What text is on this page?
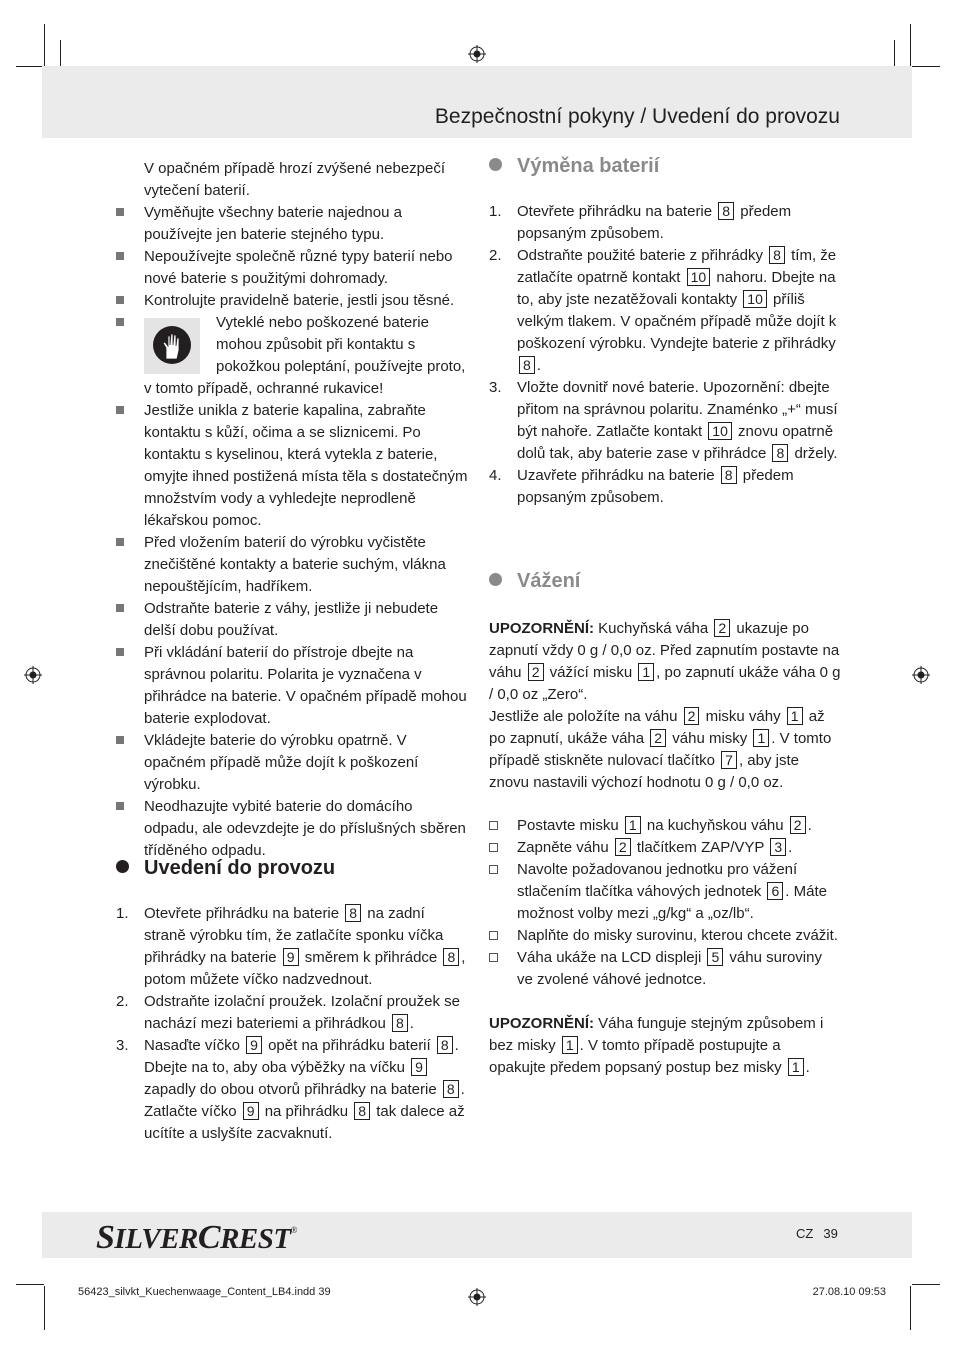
Bezpečnostní pokyny / Uvedení do provozu

V opačném případě hrozí zvýšené nebezpečí vytečení baterií.

Vyměňujte všechny baterie najednou a používejte jen baterie stejného typu.

Nepoužívejte společně různé typy baterií nebo nové baterie s použitými dohromady.

Kontrolujte pravidelně baterie, jestli jsou těsné.

Vyteklé nebo poškozené baterie mohou způsobit při kontaktu s pokožkou poleptání, používejte proto,

v tomto případě, ochranné rukavice!

Jestliže unikla z baterie kapalina, zabraňte kontaktu s kůží, očima a se sliznicemi. Po kontaktu s kyselinou, která vytekla z baterie, omyjte ihned postižená místa těla s dostatečným množstvím vody a vyhledejte neprodleně lékařskou pomoc.

Před vložením baterií do výrobku vyčistěte znečištěné kontakty a baterie suchým, vlákna nepouštějícím, hadříkem.

Odstraňte baterie z váhy, jestliže ji nebudete delší dobu používat.

Při vkládání baterií do přístroje dbejte na správnou polaritu. Polarita je vyznačena v přihrádce na baterie. V opačném případě mohou baterie explodovat.

Vkládejte baterie do výrobku opatrně. V opačném případě může dojít k poškození výrobku.

Neodhazujte vybité baterie do domácího odpadu, ale odevzdejte je do příslušných sběren tříděného odpadu.

Uvedení do provozu

1. Otevřete přihrádku na baterie 8 na zadní straně výrobku tím, že zatlačíte sponku víčka přihrádky na baterie 9 směrem k přihrádce 8 , potom můžete víčko nadzvednout.

2. Odstraňte izolační proužek. Izolační proužek se nachází mezi bateriemi a přihrádkou 8 .

3. Nasaďte víčko 9 opět na přihrádku baterií 8 . Dbejte na to, aby oba výběžky na víčku 9 zapadly do obou otvorů přihrádky na baterie 8 . Zatlačte víčko 9 na přihrádku 8 tak dalece až ucítíte a uslyšíte zacvaknutí.

Výměna baterií

1. Otevřete přihrádku na baterie 8 předem popsaným způsobem.

2. Odstraňte použité baterie z přihrádky 8 tím, že zatlačíte opatrně kontakt 10 nahoru. Dbejte na to, aby jste nezatěžovali kontakty 10 příliš velkým tlakem. V opačném případě může dojít k poškození výrobku. Vyndejte baterie z přihrádky 8 .

3. Vložte dovnitř nové baterie. Upozornění: dbejte přitom na správnou polaritu. Znaménko „+“ musí být nahoře. Zatlačte kontakt 10 znovu opatrně dolů tak, aby baterie zase v přihrádce 8 držely.

4. Uzavřete přihrádku na baterie 8 předem popsaným způsobem.

Vážení

UPOZORNĚNÍ: Kuchyňská váha 2 ukazuje po zapnutí vždy 0 g / 0,0 oz. Před zapnutím postavte na váhu 2 vážící misku 1 , po zapnutí ukáže váha 0 g / 0,0 oz „Zero“.

Jestliže ale položíte na váhu 2 misku váhy 1 až po zapnutí, ukáže váha 2 váhu misky 1 . V tomto případě stiskněte nulovací tlačítko 7 , aby jste znovu nastavili výchozí hodnotu 0 g / 0,0 oz.

Postavte misku 1 na kuchyňskou váhu 2 .

Zapněte váhu 2 tlačítkem ZAP/VYP 3 .

Navolte požadovanou jednotku pro vážení stlačením tlačítka váhových jednotek 6 . Máte možnost volby mezi „g/kg“ a „oz/lb“.

Naplňte do misky surovinu, kterou chcete zvážit.

Váha ukáže na LCD displeji 5 váhu suroviny ve zvolené váhové jednotce.

UPOZORNĚNÍ: Váha funguje stejným způsobem i bez misky 1 . V tomto případě postupujte a opakujte předem popsaný postup bez misky 1 .

SILVERCREST®	CZ 39
56423_silvkt_Kuechenwaage_Content_LB4.indd 39	27.08.10 09:53
